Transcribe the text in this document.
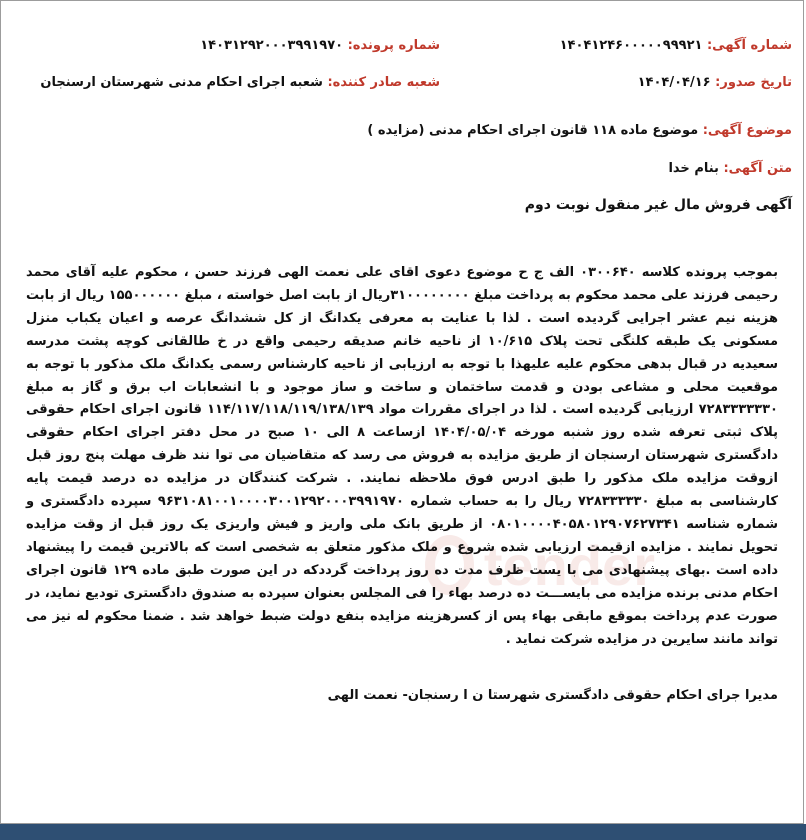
شماره آگهی: ۱۴۰۴۱۲۴۶۰۰۰۰۰۹۹۹۲۱
شماره پرونده: ۱۴۰۳۱۲۹۲۰۰۰۳۹۹۱۹۷۰
تاریخ صدور: ۱۴۰۴/۰۴/۱۶
شعبه صادر کننده: شعبه اجرای احکام مدنی شهرستان ارسنجان
موضوع آگهی: موضوع ماده ۱۱۸ قانون اجرای احکام مدنی (مزایده )
متن آگهی: بنام خدا
آگهی فروش مال غیر منقول نوبت دوم
بموجب پرونده کلاسه ۰۳۰۰۶۴۰ الف ج ح موضوع دعوی اقای علی نعمت الهی فرزند حسن ، محکوم علیه آقای محمد رحیمی فرزند علی محمد محکوم به پرداخت مبلغ ۳۱۰۰۰۰۰۰۰۰ریال از بابت اصل خواسته ، مبلغ ۱۵۵۰۰۰۰۰۰ ریال از بابت هزینه نیم عشر اجرایی گردیده است . لذا با عنایت به معرفی یکدانگ از کل ششدانگ عرصه و اعیان یکباب منزل مسکونی یک طبقه کلنگی تحت پلاک ۱۰/۶۱۵ از ناحیه خانم صدیقه رحیمی واقع در خ طالقانی کوچه پشت مدرسه سعیدیه در قبال بدهی محکوم علیه علیهذا با توجه به ارزیابی از ناحیه کارشناس رسمی یکدانگ ملک مذکور با توجه به موقعیت محلی و مشاعی بودن و قدمت ساختمان و ساخت و ساز موجود و با انشعابات اب برق و گاز به مبلغ ۷۲۸۳۳۳۳۳۳۰ ارزیابی گردیده است . لذا در اجرای مقررات مواد ۱۱۴/۱۱۷/۱۱۸/۱۱۹/۱۳۸/۱۳۹ قانون اجرای احکام حقوقی پلاک ثبتی تعرفه شده روز شنبه مورخه ۱۴۰۴/۰۵/۰۴ ازساعت ۸ الی ۱۰ صبح در محل دفتر اجرای احکام حقوقی دادگستری شهرستان ارسنجان از طریق مزایده به فروش می رسد که متقاضیان می توا نند ظرف مهلت پنج روز قبل ازوقت مزایده ملک مذکور را طبق ادرس فوق ملاحظه نمایند. . شرکت کنندگان در مزایده ده درصد قیمت پایه کارشناسی به مبلغ ۷۲۸۳۳۳۳۳۰ ریال را به حساب شماره ۹۶۳۱۰۸۱۰۰۱۰۰۰۰۳۰۰۱۲۹۲۰۰۰۳۹۹۱۹۷۰ سپرده دادگستری و شماره شناسه ۰۸۰۱۰۰۰۰۴۰۵۸۰۱۲۹۰۷۶۲۷۳۴۱ از طریق بانک ملی واریز و فیش واریزی یک روز قبل از وقت مزایده تحویل نمایند . مزایده ازقیمت ارزیابی شده شروع و ملک مذکور متعلق به شخصی است که بالاترین قیمت را پیشنهاد داده است .بهای پیشنهادی می با یست ظرف مدت ده روز پرداخت گرددکه در این صورت طبق ماده ۱۲۹ قانون اجرای احکام مدنی برنده مزایده می بایســـت ده درصد بهاء را فی المجلس بعنوان سپرده به صندوق دادگستری تودیع نماید، در صورت عدم پرداخت بموقع مابقی بهاء پس از کسرهزینه مزایده بنفع دولت ضبط خواهد شد . ضمنا محکوم له نیز می تواند مانند سایرین در مزایده شرکت نماید .
مدیرا جرای احکام حقوقی دادگستری شهرستا ن ا رسنجان- نعمت الهی
